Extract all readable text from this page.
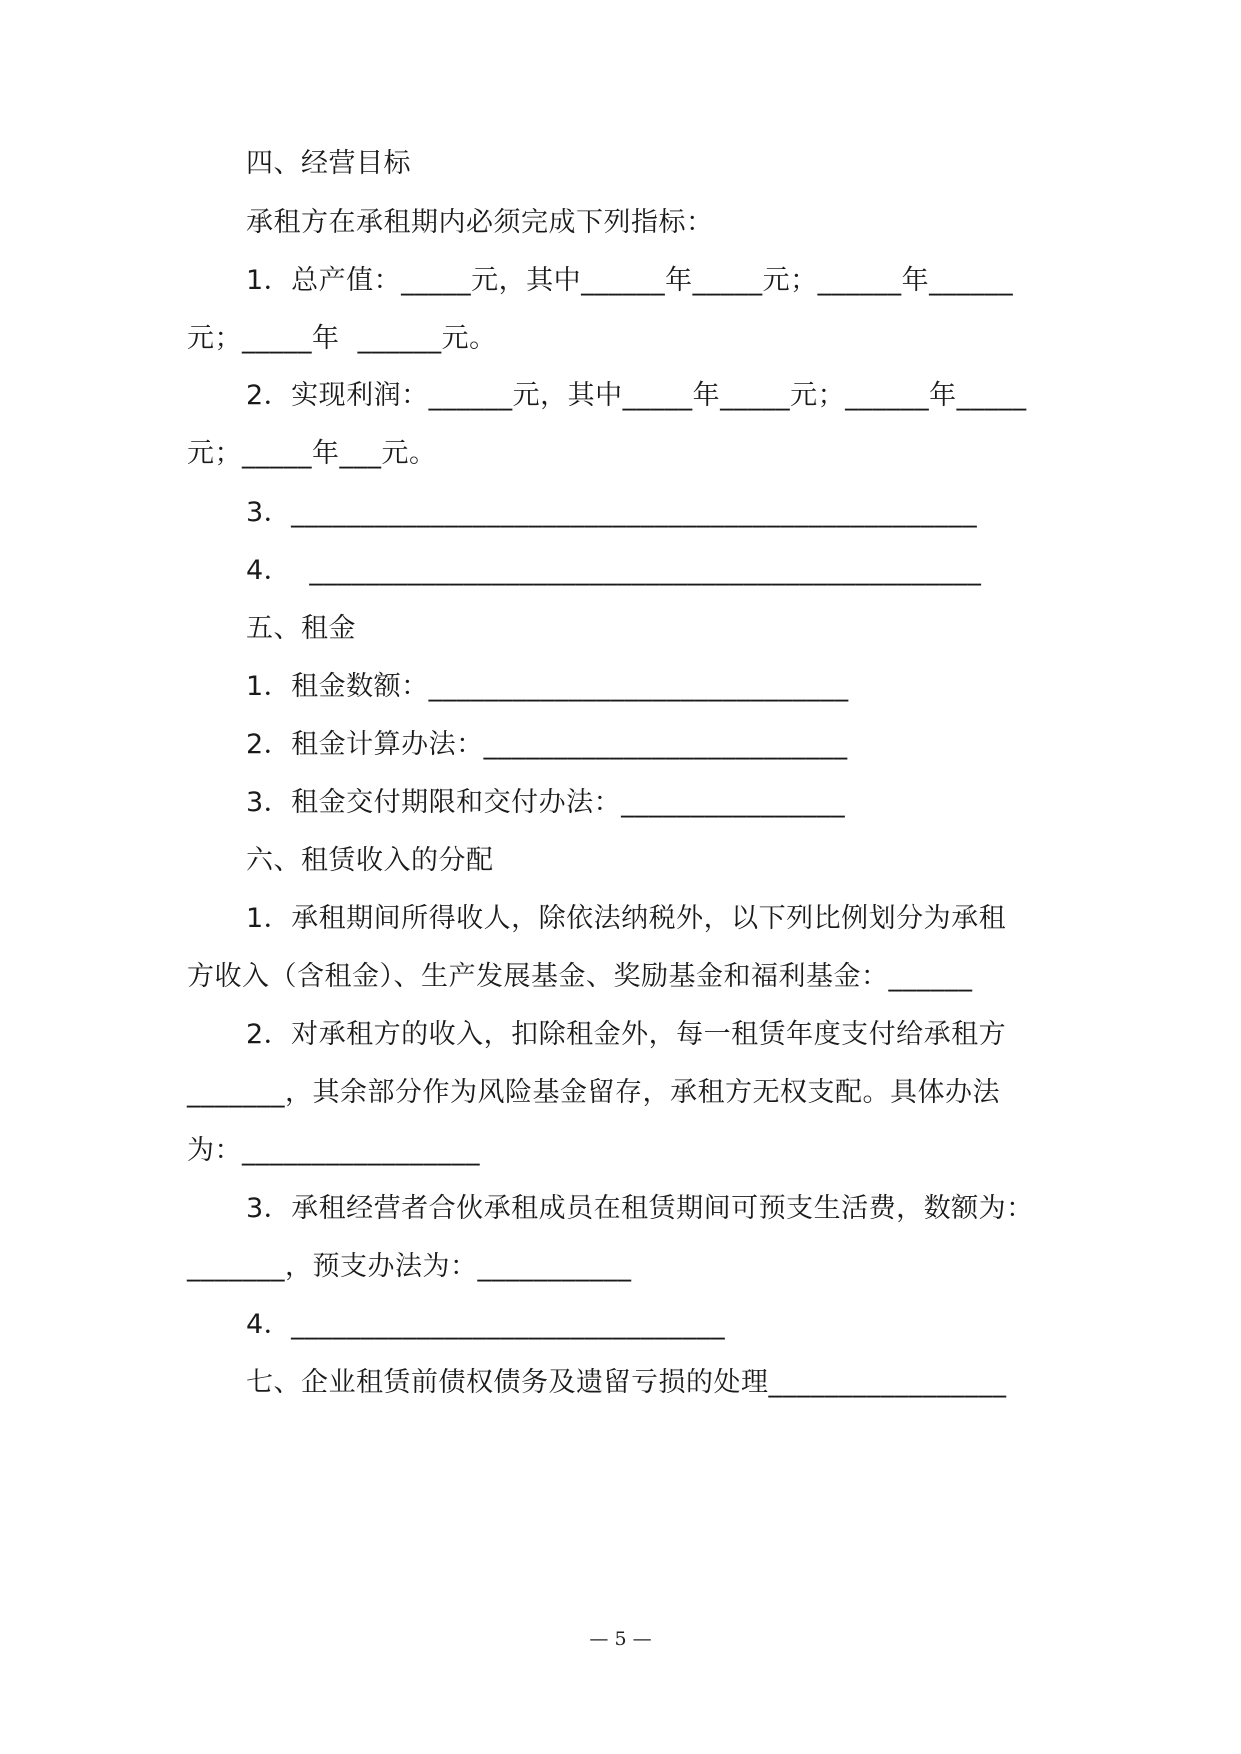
四、经营目标
承租方在承租期内必须完成下列指标：
1．总产值：_____元，其中______年_____元；______年______
元；_____年  ______元。
2．实现利润：______元，其中_____年_____元；______年_____
元；_____年___元。
3．_________________________________________________
4．  ________________________________________________
五、租金
1．租金数额：______________________________
2．租金计算办法：__________________________
3．租金交付期限和交付办法：________________
六、租赁收入的分配
1．承租期间所得收人，除依法纳税外，以下列比例划分为承租
方收入（含租金）、生产发展基金、奖励基金和福利基金：______
2．对承租方的收入，扣除租金外，每一租赁年度支付给承租方
_______，其余部分作为风险基金留存，承租方无权支配。具体办法
为：_________________
3．承租经营者合伙承租成员在租赁期间可预支生活费，数额为：
_______，预支办法为：___________
4．_______________________________
七、企业租赁前债权债务及遗留亏损的处理_________________
— 5 —
